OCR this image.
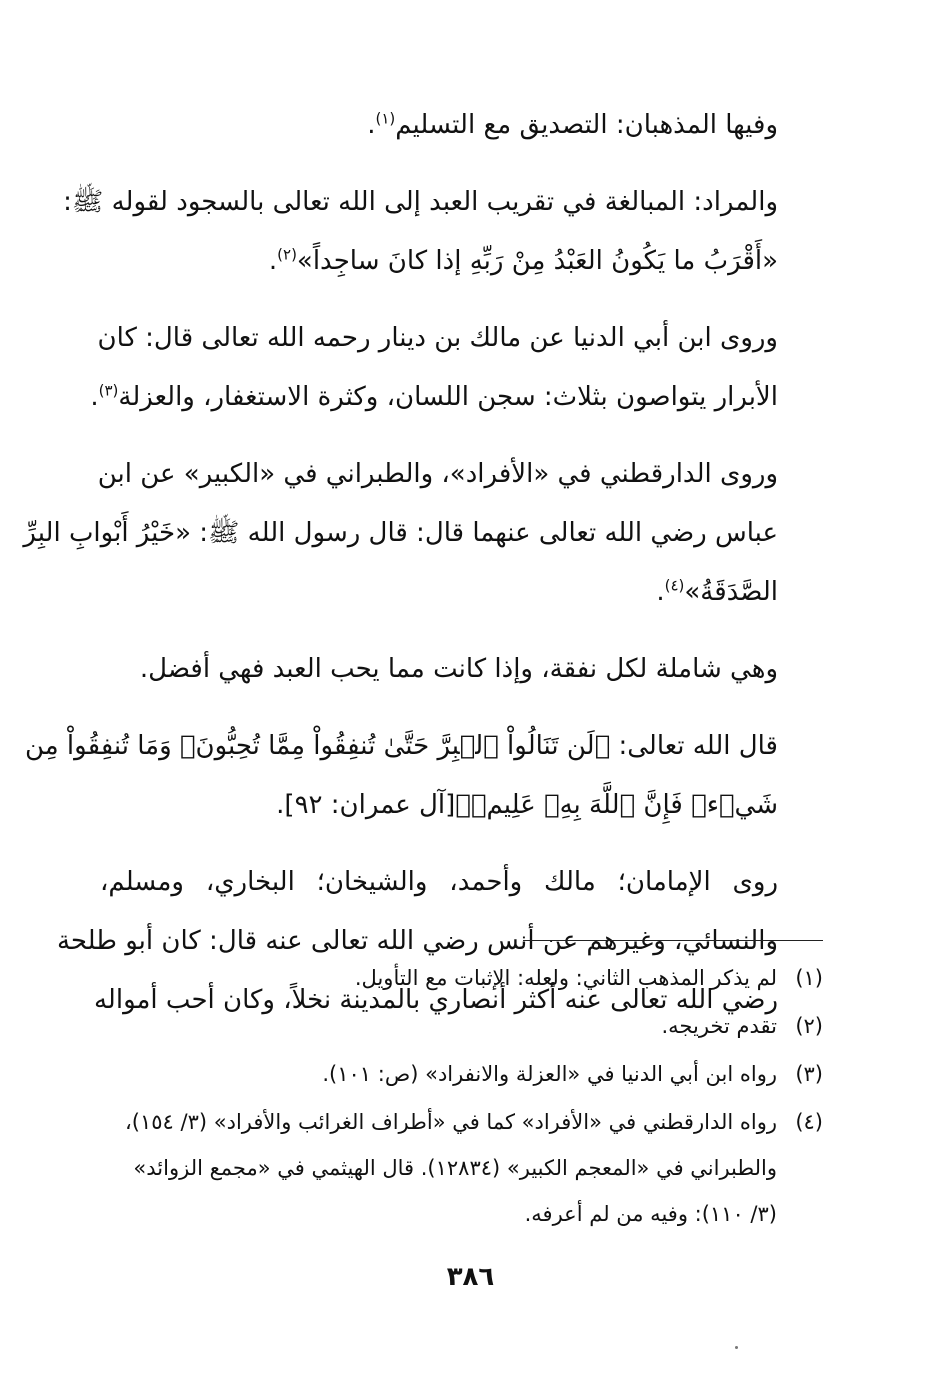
وفيها المذهبان: التصديق مع التسليم$^{(١)}$.
والمراد: المبالغة في تقريب العبد إلى الله تعالى بالسجود لقوله ﷺ:
«أَقْرَبُ ما يَكُونُ العَبْدُ مِنْ رَبِّهِ إذا كانَ ساجِداً»$^{(٢)}$.
وروى ابن أبي الدنيا عن مالك بن دينار رحمه الله تعالى قال: كان
الأبرار يتواصون بثلاث: سجن اللسان، وكثرة الاستغفار، والعزلة$^{(٣)}$.
وروى الدارقطني في «الأفراد»، والطبراني في «الكبير» عن ابن
عباس رضي الله تعالى عنهما قال: قال رسول الله ﷺ: «خَيْرُ أَبْوابِ البِرِّ
الصَّدَقَةُ»$^{(٤)}$.
وهي شاملة لكل نفقة، وإذا كانت مما يحب العبد فهي أفضل.
قال الله تعالى: ﴿لَن تَنَالُواْ ٱلۡبِرَّ حَتَّىٰ تُنفِقُواْ مِمَّا تُحِبُّونَۚ وَمَا تُنفِقُواْ مِن
شَيۡءٖ فَإِنَّ ٱللَّهَ بِهِۦ عَلِيمٞ﴾[آل عمران: ٩٢].
روى الإمامان؛ مالك وأحمد، والشيخان؛ البخاري، ومسلم،
والنسائي، وغيرهم عن أنس رضي الله تعالى عنه قال: كان أبو طلحة
رضي الله تعالى عنه أكثر أنصاري بالمدينة نخلاً، وكان أحب أمواله
(١)
لم يذكر المذهب الثاني: ولعله: الإثبات مع التأويل.
(٢)
تقدم تخريجه.
(٣)
رواه ابن أبي الدنيا في «العزلة والانفراد» (ص: ١٠١).
(٤)
رواه الدارقطني في «الأفراد» كما في «أطراف الغرائب والأفراد» (٣/ ١٥٤)،
والطبراني في «المعجم الكبير» (١٢٨٣٤). قال الهيثمي في «مجمع الزوائد»
(٣/ ١١٠): وفيه من لم أعرفه.
٣٨٦
